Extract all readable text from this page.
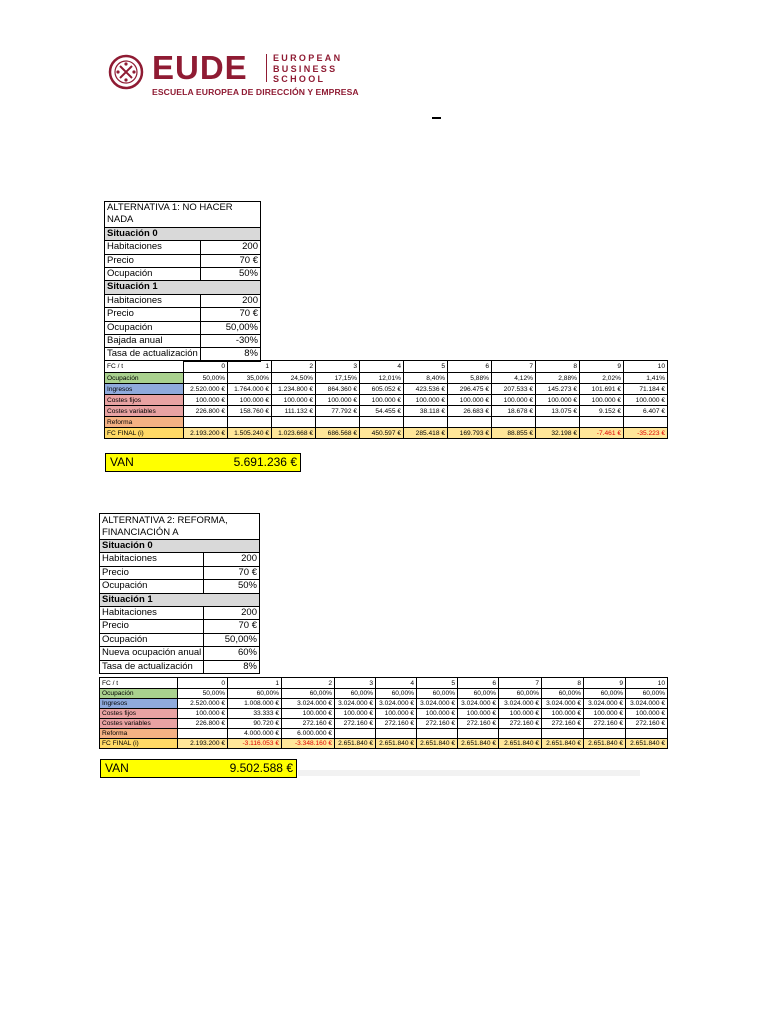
EUDE	EUROPEAN
BUSINESS
SCHOOL
ESCUELA EUROPEA DE DIRECCIÓN Y EMPRESA
ALTERNATIVA 1: NO HACER NADA	
Situación 0	
Habitaciones	200
Precio	70 €
Ocupación	50%
Situación 1	
Habitaciones	200
Precio	70 €
Ocupación	50,00%
Bajada anual	-30%
Tasa de actualización	8%
FC / t	0	1	2	3	4	5	6	7	8	9	10
Ocupación	50,00%	35,00%	24,50%	17,15%	12,01%	8,40%	5,88%	4,12%	2,88%	2,02%	1,41%
Ingresos	2.520.000 €	1.764.000 €	1.234.800 €	864.360 €	605.052 €	423.536 €	296.475 €	207.533 €	145.273 €	101.691 €	71.184 €
Costes fijos	100.000 €	100.000 €	100.000 €	100.000 €	100.000 €	100.000 €	100.000 €	100.000 €	100.000 €	100.000 €	100.000 €
Costes variables	226.800 €	158.760 €	111.132 €	77.792 €	54.455 €	38.118 €	26.683 €	18.678 €	13.075 €	9.152 €	6.407 €
Reforma											
FC FINAL (i)	2.193.200 €	1.505.240 €	1.023.668 €	686.568 €	450.597 €	285.418 €	169.793 €	88.855 €	32.198 €	-7.461 €	-35.223 €
VAN	5.691.236 €
ALTERNATIVA 2: REFORMA, FINANCIACIÓN A	
Situación 0	
Habitaciones	200
Precio	70 €
Ocupación	50%
Situación 1	
Habitaciones	200
Precio	70 €
Ocupación	50,00%
Nueva ocupación anual	60%
Tasa de actualización	8%
FC / t	0	1	2	3	4	5	6	7	8	9	10
Ocupación	50,00%	60,00%	60,00%	60,00%	60,00%	60,00%	60,00%	60,00%	60,00%	60,00%	60,00%
Ingresos	2.520.000 €	1.008.000 €	3.024.000 €	3.024.000 €	3.024.000 €	3.024.000 €	3.024.000 €	3.024.000 €	3.024.000 €	3.024.000 €	3.024.000 €
Costes fijos	100.000 €	33.333 €	100.000 €	100.000 €	100.000 €	100.000 €	100.000 €	100.000 €	100.000 €	100.000 €	100.000 €
Costes variables	226.800 €	90.720 €	272.160 €	272.160 €	272.160 €	272.160 €	272.160 €	272.160 €	272.160 €	272.160 €	272.160 €
Reforma		4.000.000 €	6.000.000 €								
FC FINAL (i)	2.193.200 €	-3.116.053 €	-3.348.160 €	2.651.840 €	2.651.840 €	2.651.840 €	2.651.840 €	2.651.840 €	2.651.840 €	2.651.840 €	2.651.840 €
VAN	9.502.588 €
